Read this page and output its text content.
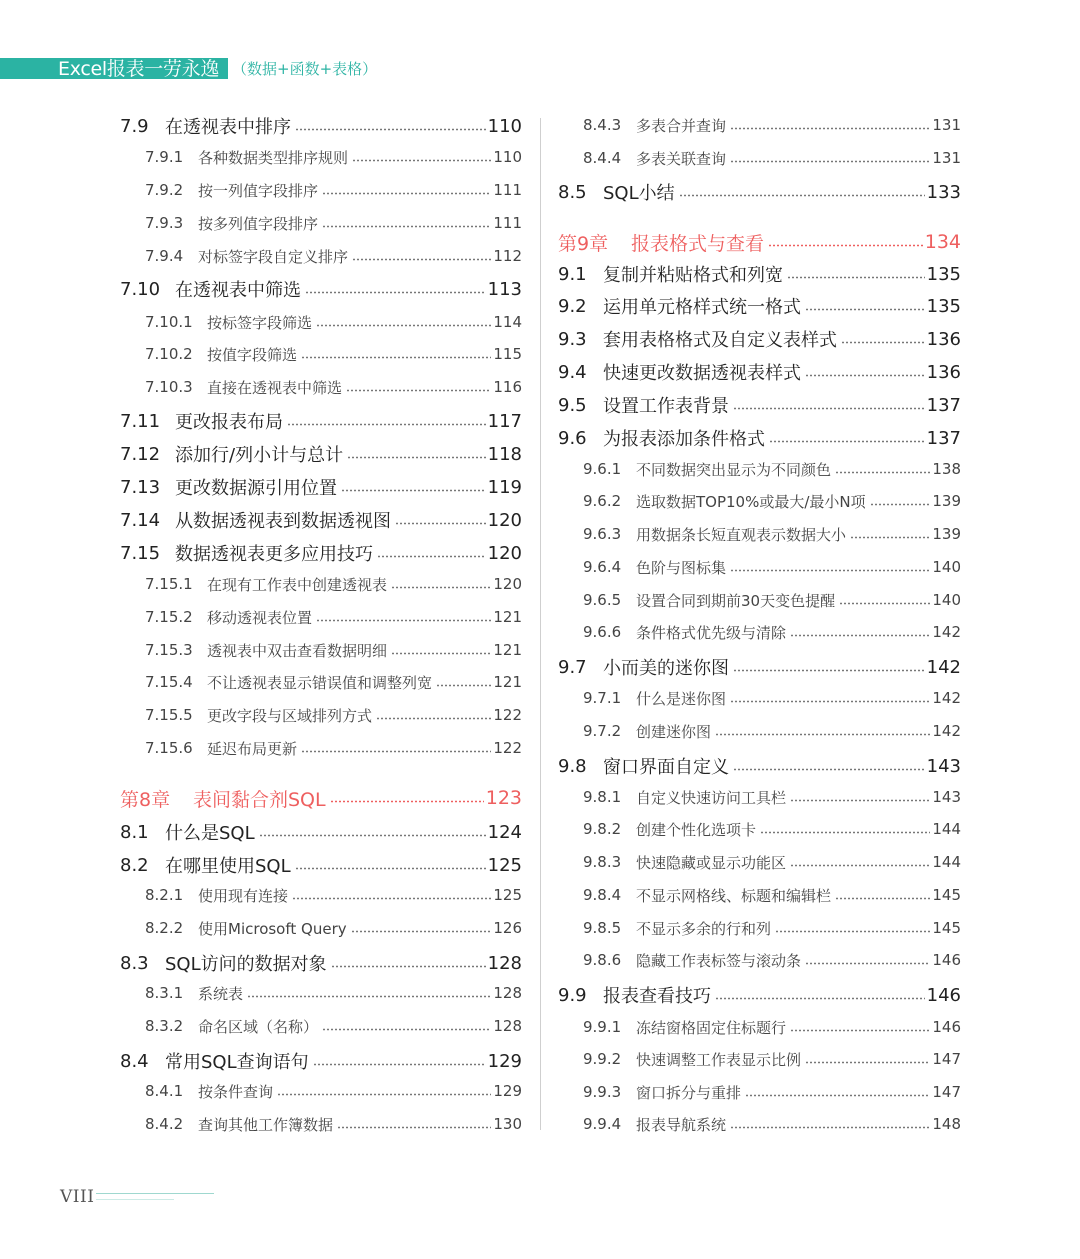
Excel报表一劳永逸 （数据+函数+表格）
7.9 在透视表中排序	110
7.9.1 各种数据类型排序规则	110
7.9.2 按一列值字段排序	111
7.9.3 按多列值字段排序	111
7.9.4 对标签字段自定义排序	112
7.10 在透视表中筛选	113
7.10.1 按标签字段筛选	114
7.10.2 按值字段筛选	115
7.10.3 直接在透视表中筛选	116
7.11 更改报表布局	117
7.12 添加行/列小计与总计	118
7.13 更改数据源引用位置	119
7.14 从数据透视表到数据透视图	120
7.15 数据透视表更多应用技巧	120
7.15.1 在现有工作表中创建透视表	120
7.15.2 移动透视表位置	121
7.15.3 透视表中双击查看数据明细	121
7.15.4 不让透视表显示错误值和调整列宽	121
7.15.5 更改字段与区域排列方式	122
7.15.6 延迟布局更新	122
第8章	表间黏合剂SQL	123
8.1 什么是SQL	124
8.2 在哪里使用SQL	125
8.2.1 使用现有连接	125
8.2.2 使用Microsoft Query	126
8.3 SQL访问的数据对象	128
8.3.1 系统表	128
8.3.2 命名区域（名称）	128
8.4 常用SQL查询语句	129
8.4.1 按条件查询	129
8.4.2 查询其他工作簿数据	130
8.4.3 多表合并查询	131
8.4.4 多表关联查询	131
8.5 SQL小结	133
第9章	报表格式与查看	134
9.1 复制并粘贴格式和列宽	135
9.2 运用单元格样式统一格式	135
9.3 套用表格格式及自定义表样式	136
9.4 快速更改数据透视表样式	136
9.5 设置工作表背景	137
9.6 为报表添加条件格式	137
9.6.1 不同数据突出显示为不同颜色	138
9.6.2 选取数据TOP10%或最大/最小N项	139
9.6.3 用数据条长短直观表示数据大小	139
9.6.4 色阶与图标集	140
9.6.5 设置合同到期前30天变色提醒	140
9.6.6 条件格式优先级与清除	142
9.7 小而美的迷你图	142
9.7.1 什么是迷你图	142
9.7.2 创建迷你图	142
9.8 窗口界面自定义	143
9.8.1 自定义快速访问工具栏	143
9.8.2 创建个性化选项卡	144
9.8.3 快速隐藏或显示功能区	144
9.8.4 不显示网格线、标题和编辑栏	145
9.8.5 不显示多余的行和列	145
9.8.6 隐藏工作表标签与滚动条	146
9.9 报表查看技巧	146
9.9.1 冻结窗格固定住标题行	146
9.9.2 快速调整工作表显示比例	147
9.9.3 窗口拆分与重排	147
9.9.4 报表导航系统	148
VIII
